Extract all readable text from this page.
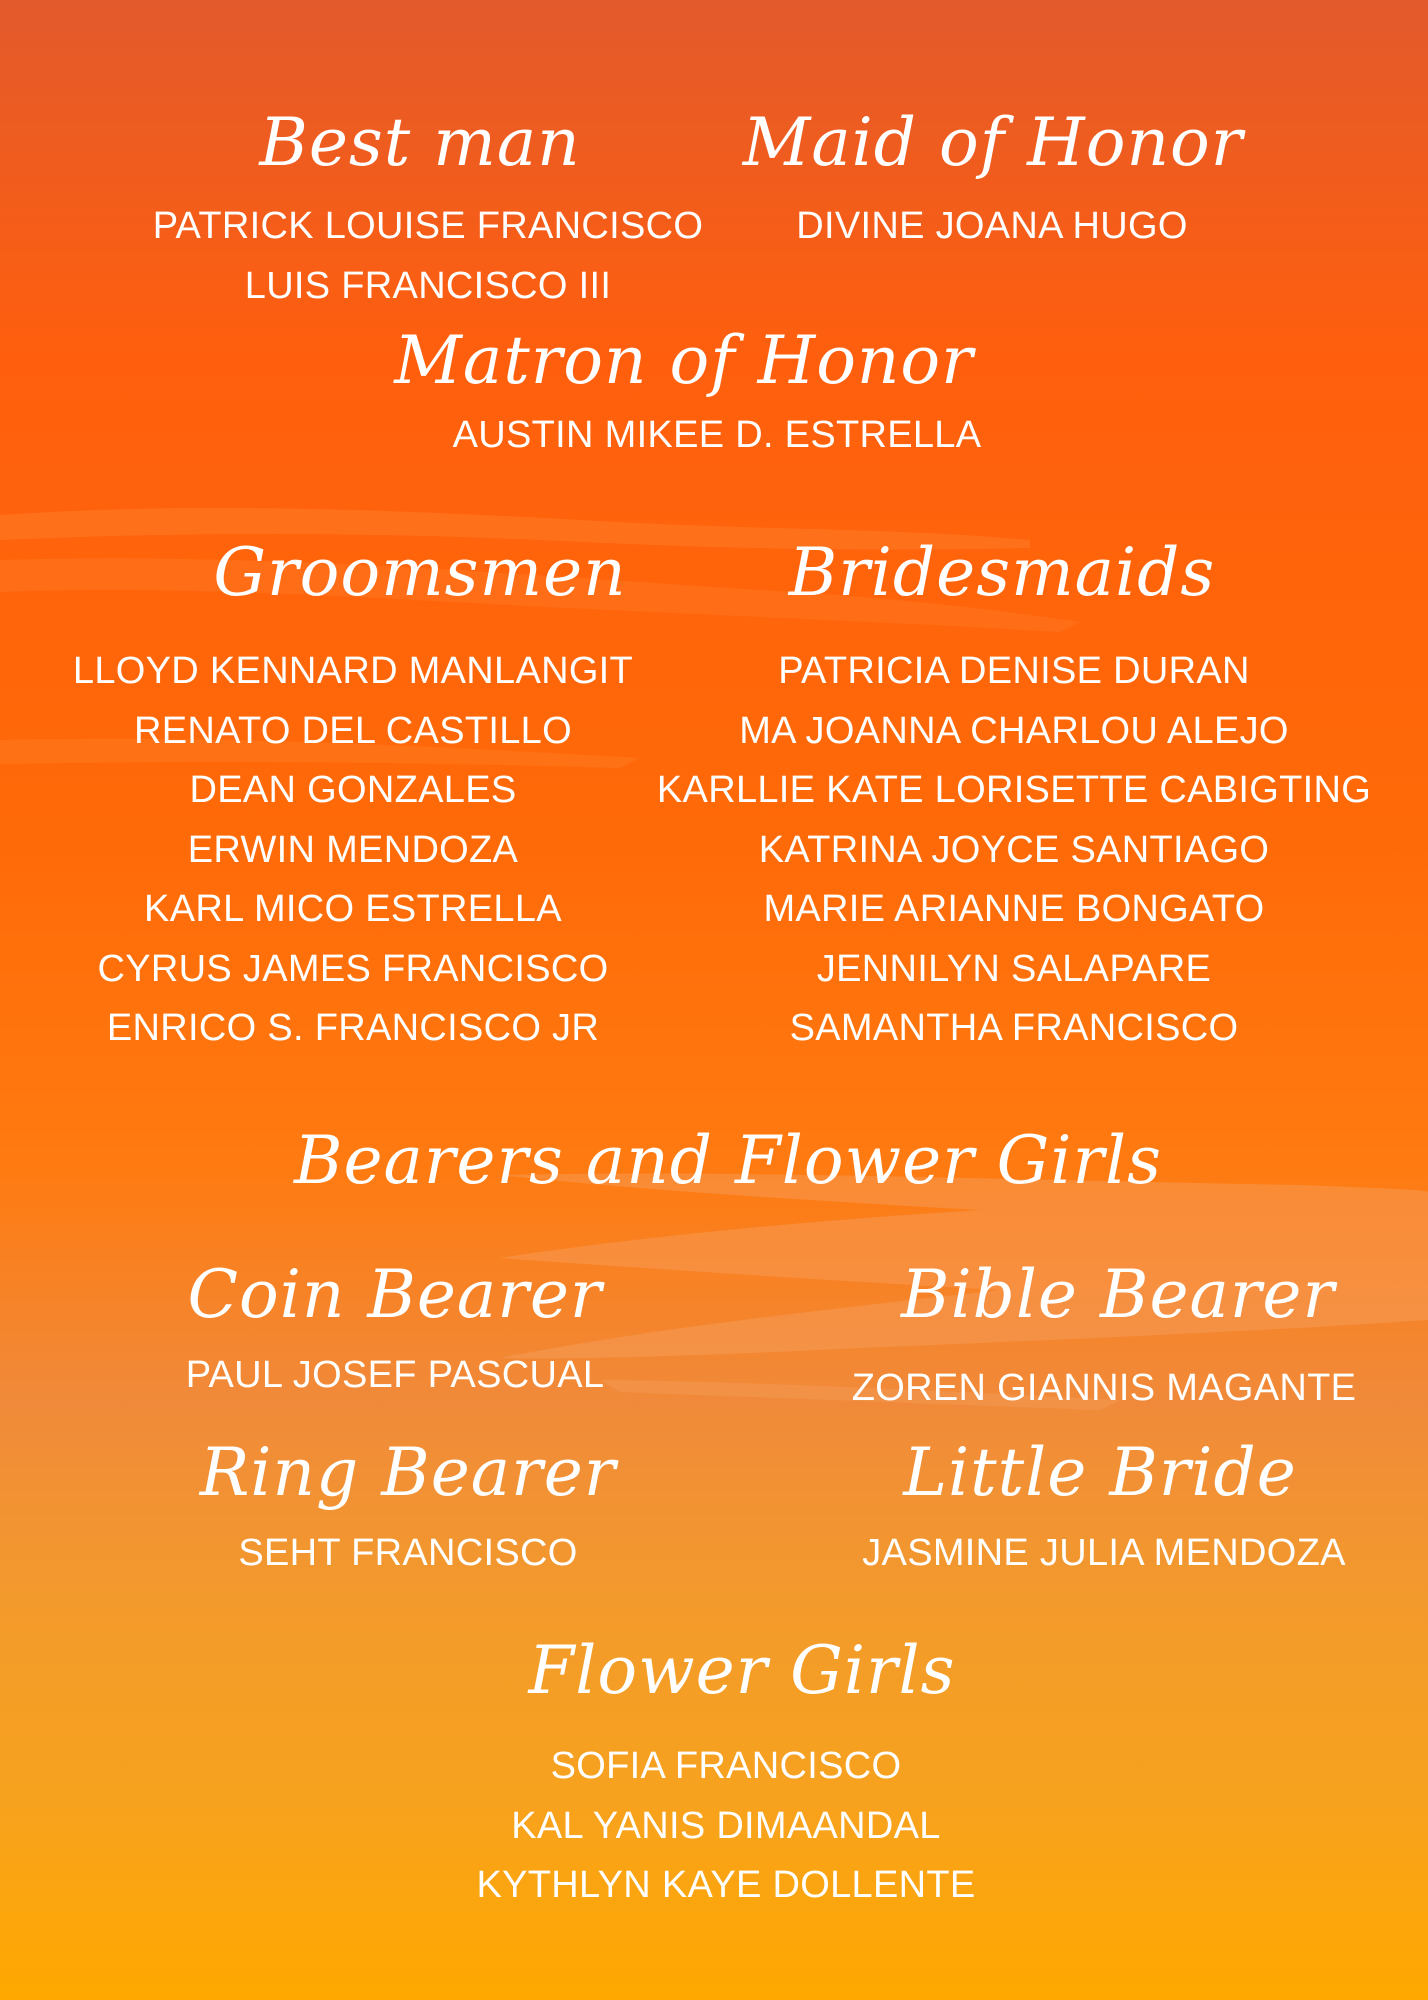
Best man
PATRICK LOUISE FRANCISCO
LUIS FRANCISCO III
Maid of Honor
DIVINE JOANA HUGO
Matron of Honor
AUSTIN MIKEE D. ESTRELLA
Groomsmen
LLOYD KENNARD MANLANGIT
RENATO DEL CASTILLO
DEAN GONZALES
ERWIN MENDOZA
KARL MICO ESTRELLA
CYRUS JAMES FRANCISCO
ENRICO S. FRANCISCO JR
Bridesmaids
PATRICIA DENISE DURAN
MA JOANNA CHARLOU ALEJO
KARLLIE KATE LORISETTE CABIGTING
KATRINA JOYCE SANTIAGO
MARIE ARIANNE BONGATO
JENNILYN SALAPARE
SAMANTHA FRANCISCO
Bearers and Flower Girls
Coin Bearer
PAUL JOSEF PASCUAL
Bible Bearer
ZOREN GIANNIS MAGANTE
Ring Bearer
SEHT FRANCISCO
Little Bride
JASMINE JULIA MENDOZA
Flower Girls
SOFIA FRANCISCO
KAL YANIS DIMAANDAL
KYTHLYN KAYE DOLLENTE
